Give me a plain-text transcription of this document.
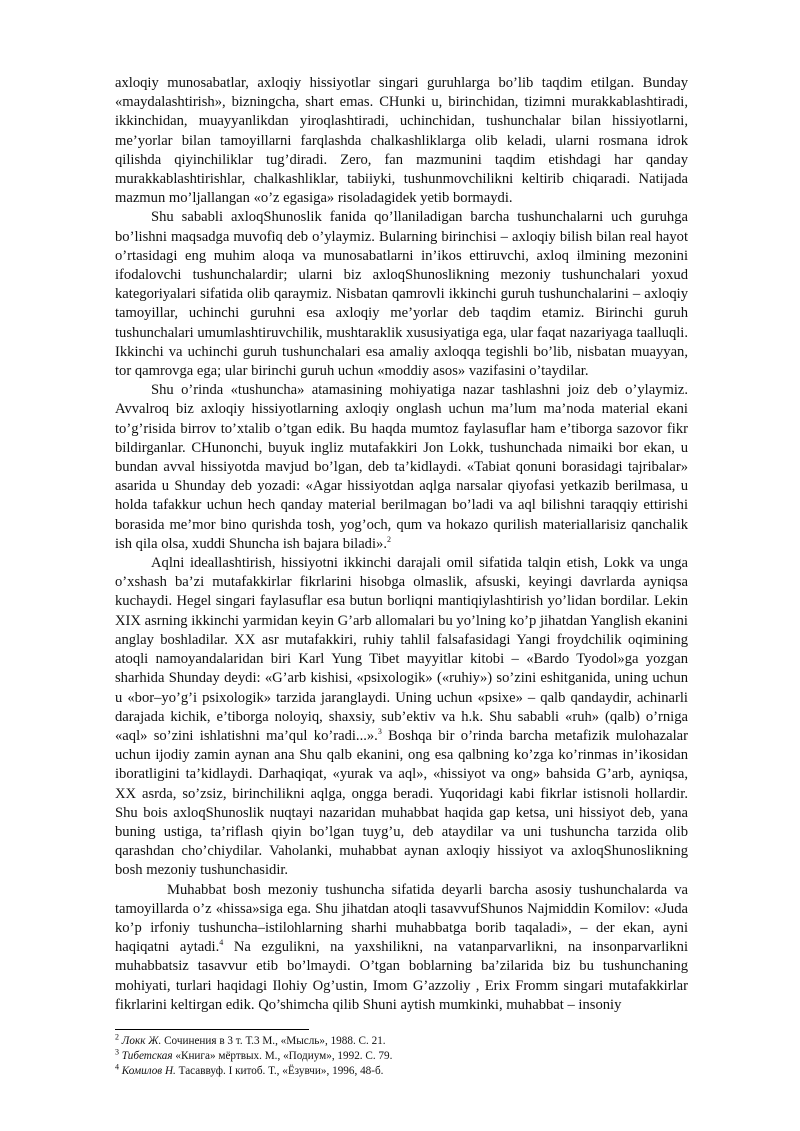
axloqiy munosabatlar, axloqiy hissiyotlar singari guruhlarga bo’lib taqdim etilgan. Bunday «maydalashtirish», bizningcha, shart emas. CHunki u, birinchidan, tizimni murakkablashtiradi, ikkinchidan, muayyanlikdan yiroqlashtiradi, uchinchidan, tushunchalar bilan hissiyotlarni, me’yorlar bilan tamoyillarni farqlashda chalkashliklarga olib keladi, ularni rosmana idrok qilishda qiyinchiliklar tug’diradi. Zero, fan mazmunini taqdim etishdagi har qanday murakkablashtirishlar, chalkashliklar, tabiiyki, tushunmovchilikni keltirib chiqaradi. Natijada mazmun mo’ljallangan «o’z egasiga» risoladagidek yetib bormaydi.

Shu sababli axloqShunoslik fanida qo’llaniladigan barcha tushunchalarni uch guruhga bo’lishni maqsadga muvofiq deb o’ylaymiz. Bularning birinchisi – axloqiy bilish bilan real hayot o’rtasidagi eng muhim aloqa va munosabatlarni in’ikos ettiruvchi, axloq ilmining mezonini ifodalovchi tushunchalardir; ularni biz axloqShunoslikning mezoniy tushunchalari yoxud kategoriyalari sifatida olib qaraymiz. Nisbatan qamrovli ikkinchi guruh tushunchalarini – axloqiy tamoyillar, uchinchi guruhni esa axloqiy me’yorlar deb taqdim etamiz. Birinchi guruh tushunchalari umumlashtiruvchilik, mushtaraklik xususiyatiga ega, ular faqat nazariyaga taalluqli. Ikkinchi va uchinchi guruh tushunchalari esa amaliy axloqqa tegishli bo’lib, nisbatan muayyan, tor qamrovga ega; ular birinchi guruh uchun «moddiy asos» vazifasini o’taydilar.

Shu o’rinda «tushuncha» atamasining mohiyatiga nazar tashlashni joiz deb o’ylaymiz. Avvalroq biz axloqiy hissiyotlarning axloqiy onglash uchun ma’lum ma’noda material ekani to’g’risida birrov to’xtalib o’tgan edik. Bu haqda mumtoz faylasuflar ham e’tiborga sazovor fikr bildirganlar. CHunonchi, buyuk ingliz mutafakkiri Jon Lokk, tushunchada nimaiki bor ekan, u bundan avval hissiyotda mavjud bo’lgan, deb ta’kidlaydi. «Tabiat qonuni borasidagi tajribalar» asarida u Shunday deb yozadi: «Agar hissiyotdan aqlga narsalar qiyofasi yetkazib berilmasa, u holda tafakkur uchun hech qanday material berilmagan bo’ladi va aql bilishni taraqqiy ettirishi borasida me’mor bino qurishda tosh, yog’och, qum va hokazo qurilish materiallarisiz qanchalik ish qila olsa, xuddi Shuncha ish bajara biladi».$^2$

Aqlni ideallashtirish, hissiyotni ikkinchi darajali omil sifatida talqin etish, Lokk va unga o’xshash ba’zi mutafakkirlar fikrlarini hisobga olmaslik, afsuski, keyingi davrlarda ayniqsa kuchaydi. Hegel singari faylasuflar esa butun borliqni mantiqiylashtirish yo’lidan bordilar. Lekin XIX asrning ikkinchi yarmidan keyin G’arb allomalari bu yo’lning ko’p jihatdan Yanglish ekanini anglay boshladilar. XX asr mutafakkiri, ruhiy tahlil falsafasidagi Yangi froydchilik oqimining atoqli namoyandalaridan biri Karl Yung Tibet mayyitlar kitobi – «Bardo Tyodol»ga yozgan sharhida Shunday deydi: «G’arb kishisi, «psixologik» («ruhiy») so’zini eshitganida, uning uchun u «bor–yo’g’i psixologik» tarzida jaranglaydi. Uning uchun «psixe» – qalb qandaydir, achinarli darajada kichik, e’tiborga noloyiq, shaxsiy, sub’ektiv va h.k. Shu sababli «ruh» (qalb) o’rniga «aql» so’zini ishlatishni ma’qul ko’radi...».$^3$ Boshqa bir o’rinda barcha metafizik mulohazalar uchun ijodiy zamin aynan ana Shu qalb ekanini, ong esa qalbning ko’zga ko’rinmas in’ikosidan iboratligini ta’kidlaydi. Darhaqiqat, «yurak va aql», «hissiyot va ong» bahsida G’arb, ayniqsa, XX asrda, so’zsiz, birinchilikni aqlga, ongga beradi. Yuqoridagi kabi fikrlar istisnoli hollardir. Shu bois axloqShunoslik nuqtayi nazaridan muhabbat haqida gap ketsa, uni hissiyot deb, yana buning ustiga, ta’riflash qiyin bo’lgan tuyg’u, deb ataydilar va uni tushuncha tarzida olib qarashdan cho’chiydilar. Vaholanki, muhabbat aynan axloqiy hissiyot va axloqShunoslikning bosh mezoniy tushunchasidir.

Muhabbat bosh mezoniy tushuncha sifatida deyarli barcha asosiy tushunchalarda va tamoyillarda o’z «hissa»siga ega. Shu jihatdan atoqli tasavvufShunos Najmiddin Komilov: «Juda ko’p irfoniy tushuncha–istilohlarning sharhi muhabbatga borib taqaladi», – der ekan, ayni haqiqatni aytadi.$^4$ Na ezgulikni, na yaxshilikni, na vatanparvarlikni, na insonparvarlikni muhabbatsiz tasavvur etib bo’lmaydi. O’tgan boblarning ba’zilarida biz bu tushunchaning mohiyati, turlari haqidagi Ilohiy Og’ustin, Imom G’azzoliy , Erix Fromm singari mutafakkirlar fikrlarini keltirgan edik. Qo’shimcha qilib Shuni aytish mumkinki, muhabbat – insoniy

$^2$ Локк Ж. Сочинения в 3 т. Т.3 М., «Мысль», 1988. С. 21.
$^3$ Тибетская «Книга» мёртвых. М., «Подиум», 1992. С. 79.
$^4$ Комилов Н. Тасаввуф. I китоб. Т., «Ёзувчи», 1996, 48-б.
